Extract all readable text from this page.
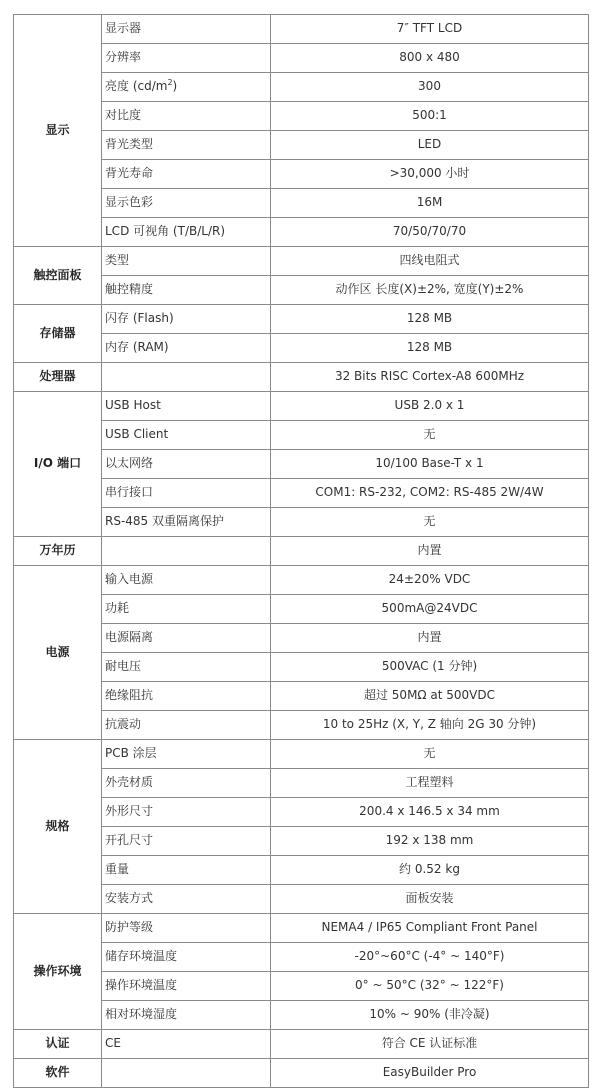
显示	显示器	7″ TFT LCD
	分辨率	800 x 480
	亮度 $(cd/m^2)$	300
	对比度	500:1
	背光类型	LED
	背光寿命	>30,000 小时
	显示色彩	16M
	LCD 可视角 (T/B/L/R)	70/50/70/70
触控面板	类型	四线电阻式
	触控精度	动作区 长度(X)±2%, 宽度(Y)±2%
存储器	闪存 (Flash)	128 MB
	内存 (RAM)	128 MB
处理器		32 Bits RISC Cortex-A8 600MHz
I/O 端口	USB Host	USB 2.0 x 1
	USB Client	无
	以太网络	10/100 Base-T x 1
	串行接口	COM1: RS-232, COM2: RS-485 2W/4W
	RS-485 双重隔离保护	无
万年历		内置
电源	输入电源	24±20% VDC
	功耗	500mA@24VDC
	电源隔离	内置
	耐电压	500VAC (1 分钟)
	绝缘阻抗	超过 50MΩ at 500VDC
	抗震动	10 to 25Hz (X, Y, Z 轴向 2G 30 分钟)
规格	PCB 涂层	无
	外壳材质	工程塑料
	外形尺寸	200.4 x 146.5 x 34 mm
	开孔尺寸	192 x 138 mm
	重量	约 0.52 kg
	安装方式	面板安装
操作环境	防护等级	NEMA4 / IP65 Compliant Front Panel
	储存环境温度	-20°~60°C (-4° ~ 140°F)
	操作环境温度	0° ~ 50°C (32° ~ 122°F)
	相对环境湿度	10% ~ 90% (非冷凝)
认证	CE	符合 CE 认证标准
软件		EasyBuilder Pro
